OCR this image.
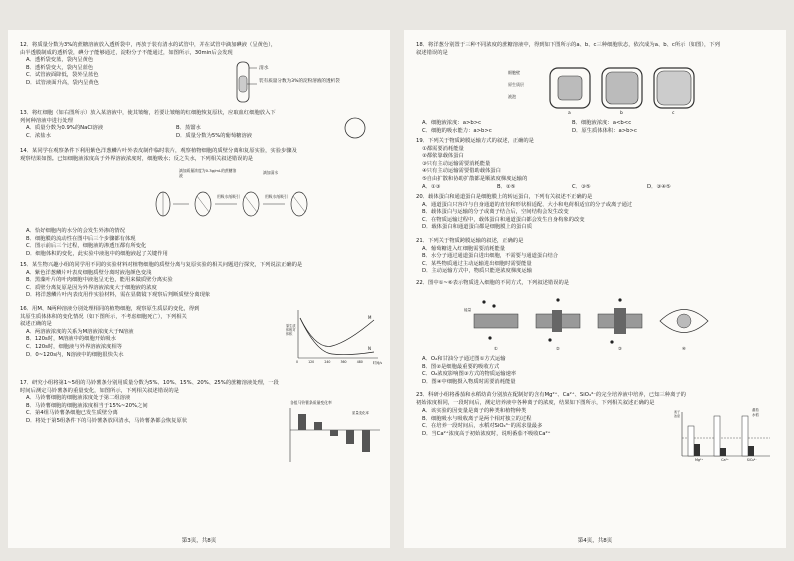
12．将质量分数为3%的蔗糖溶液放入透析袋中，再放于装有清水的试管中，并在试管中滴加碘液（呈黄色），
由半透膜制成的透析袋，碘分子能够通过，淀粉分子不能通过，如图所示，30min后会发现
A．透析袋变蓝，袋内呈黄色
B．透析袋变大，袋内呈蓝色
C．试管液面降低，袋外呈蓝色
D．试管液面升高，袋内呈黄色
清水
装有质量分数为3%的淀粉溶液的透析袋
13．将红细胞（如右图所示）放入某溶液中，使其皱缩，若要让皱缩的红细胞恢复原状，应取血红细胞放入下
列何种溶液中进行处理
A．质量分数为0.9%的NaCl溶液	B．蒸馏水
C．浓盐水	D．质量分数为5%的葡萄糖溶液
14．某同学在观察条件下利用紫色洋葱鳞片叶外表皮制作临时装片，观察植物细胞的质壁分离和复原实验，实验步骤及
观察结果如图。已知细胞液浓度高于外界溶液浓度时，细胞吸水；反之失水，下列相关叙述错误的是
滴加质量浓度为0.3g/mL的蔗糖溶液
用吸水纸吸引
滴加清水
用吸水纸吸引
A．恰好细胞内的水分的会发生外渗的情况
B．细胞膜的流动性在图中后三个步骤都有体现
C．图示前后三个过程，细胞液的渗透压都有所变化
D．细胞体积的变化，此实验中液泡中的细胞液起了关键作用
15．某生物兴趣小组的同学用不同的实验材料对植物细胞的质壁分离与复原实验的相关问题进行探究，下列说法正确的是
A．紫色洋葱鳞片叶表皮细胞质壁分离时液泡颜色变浅
B．黑藻叶片的叶肉细胞中液泡呈无色，能用来做质壁分离实验
C．质壁分离复原是因为外界溶液浓度大于细胞液的浓度
D．将洋葱鳞片叶内表皮用作实验材料，需在显微镜下观察后判断质壁分离现象
16．用M、N两种溶液分别处理相同的植物细胞，观察原生质层的变化，得到
其原生质体体积的变化情况（如下图所示，不考虑细胞死亡），下列相关
叙述正确的是
A．两溶液浓度的关系为M溶液浓度大于N溶液
B．120s时，M溶液中的细胞开始吸水
C．120s时，细胞液与外界溶液浓度相等
D．0~120s内，N溶液中的细胞很快失水
M
N
原生质体相对体积
0	120	240	360	480	时间/s
17．研究小组将第1~5组的马铃薯条分别用质量分数为5%、10%、15%、20%、25%的蔗糖溶液处理，一段
时间后测定马铃薯条的重量变化，如图所示，下列相关叙述错误的是
A．马铃薯细胞的细胞液浓度处于第二组溶液
B．马铃薯细胞的细胞液浓度相当于15%~20%之间
C．第4组马铃薯条细胞已发生质壁分离
D．将处于第5组条件下的马铃薯条放回清水，马铃薯条都会恢复原状
各组马铃薯条质量变化率
质量变化率
第3页，共8页
18．将洋葱分别置于三种不同浓度的蔗糖溶液中，得到如下图所示的a、b、c三种细胞状态，依次成为a、b、c所示（如图），下列
叙述错误的是
细胞壁
原生质层
液泡
a	b	c
A．细胞液浓度：a>b>c	B．细胞液浓度：a<b<c
C．细胞的吸水能力：a>b>c	D．原生质体体积：a>b>c
19．下列关于物质跨膜运输方式的叙述，正确的是
①都需要消耗能量
②都依靠载体蛋白
③只有主动运输需要消耗能量
④只有主动运输需要借助载体蛋白
⑤自由扩散和协助扩散都是顺浓度梯度运输的
A．①③	B．②⑤	C．③⑤	D．③④⑤
20．载体蛋白和通道蛋白是细胞膜上的转运蛋白，下列有关叙述不正确的是
A．通道蛋白只容许与自身通道的直径和形状相适配、大小和电荷相适宜的分子或离子通过
B．载体蛋白与运输的分子或离子结合后，空间结构会发生改变
C．在物质运输过程中，载体蛋白和通道蛋白都会发生自身构象的改变
D．载体蛋白和通道蛋白都是细胞膜上的蛋白质
21．下列关于物质跨膜运输的叙述，正确的是
A．葡萄糖进入红细胞需要消耗能量
B．水分子通过通道蛋白进出细胞，不需要与通道蛋白结合
C．某些物质通过主动运输进出细胞时需要能量
D．主动运输方式中，物质只能逆浓度梯度运输
22．图中①~⑥表示物质进入细胞的不同方式，下列叙述错误的是
能量
①	②	③	④
A．O₂和甘油分子通过图①方式运输
B．图②是细胞最重要的吸收方式
C．O₂浓度影响图③方式的物质运输速率
D．图④中细胞摄入物质时需要消耗能量
23．科研小组将番茄和水稻幼苗分别放在配制好的含有Mg²⁺、Ca²⁺、SiO₄⁴⁻的完全培养液中培养，已知三种离子的
初始浓度相同，一段时间后，测定培养液中各种离子的浓度，结果如下图所示，下列相关叙述正确的是
A．该实验的因变量是离子的种类和植物种类
B．细胞吸水与吸收离子是两个相对独立的过程
C．在培养一段时间后，水稻对SiO₄⁴⁻的需求量最多
D．当Ca²⁺浓度高于初始浓度时，说明番茄不吸收Ca²⁺
番茄
水稻
Mg²⁺	Ca²⁺	SiO₄⁴⁻
离子浓度
第4页，共8页
